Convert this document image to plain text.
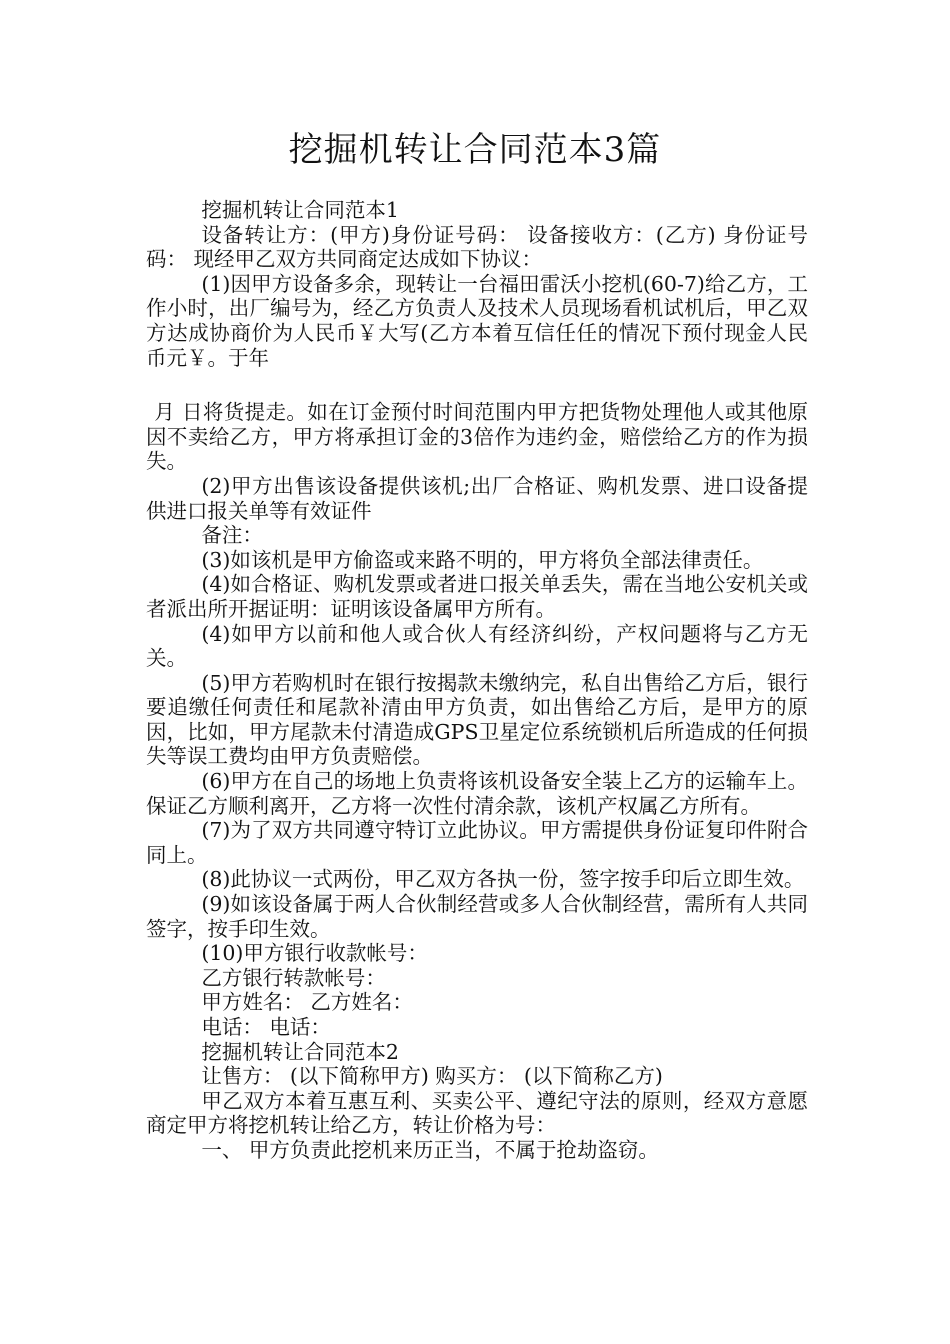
挖掘机转让合同范本3篇

挖掘机转让合同范本1

设备转让方：(甲方)身份证号码： 设备接收方：(乙方) 身份证号码： 现经甲乙双方共同商定达成如下协议：

(1)因甲方设备多余，现转让一台福田雷沃小挖机(60-7)给乙方，工作小时，出厂编号为，经乙方负责人及技术人员现场看机试机后，甲乙双方达成协商价为人民币￥大写(乙方本着互信任任的情况下预付现金人民币元￥。于年

月 日将货提走。如在订金预付时间范围内甲方把货物处理他人或其他原因不卖给乙方，甲方将承担订金的3倍作为违约金，赔偿给乙方的作为损失。

(2)甲方出售该设备提供该机;出厂合格证、购机发票、进口设备提供进口报关单等有效证件

备注：

(3)如该机是甲方偷盗或来路不明的，甲方将负全部法律责任。

(4)如合格证、购机发票或者进口报关单丢失，需在当地公安机关或者派出所开据证明：证明该设备属甲方所有。

(4)如甲方以前和他人或合伙人有经济纠纷，产权问题将与乙方无关。

(5)甲方若购机时在银行按揭款未缴纳完，私自出售给乙方后，银行要追缴任何责任和尾款补清由甲方负责，如出售给乙方后，是甲方的原因，比如，甲方尾款未付清造成GPS卫星定位系统锁机后所造成的任何损失等误工费均由甲方负责赔偿。

(6)甲方在自己的场地上负责将该机设备安全装上乙方的运输车上。保证乙方顺利离开，乙方将一次性付清余款，该机产权属乙方所有。

(7)为了双方共同遵守特订立此协议。甲方需提供身份证复印件附合同上。

(8)此协议一式两份，甲乙双方各执一份，签字按手印后立即生效。

(9)如该设备属于两人合伙制经营或多人合伙制经营，需所有人共同签字，按手印生效。

(10)甲方银行收款帐号：

乙方银行转款帐号：

甲方姓名： 乙方姓名：

电话： 电话：

挖掘机转让合同范本2

让售方： (以下简称甲方) 购买方： (以下简称乙方)

甲乙双方本着互惠互利、买卖公平、遵纪守法的原则，经双方意愿商定甲方将挖机转让给乙方，转让价格为号：

一、 甲方负责此挖机来历正当，不属于抢劫盗窃。
